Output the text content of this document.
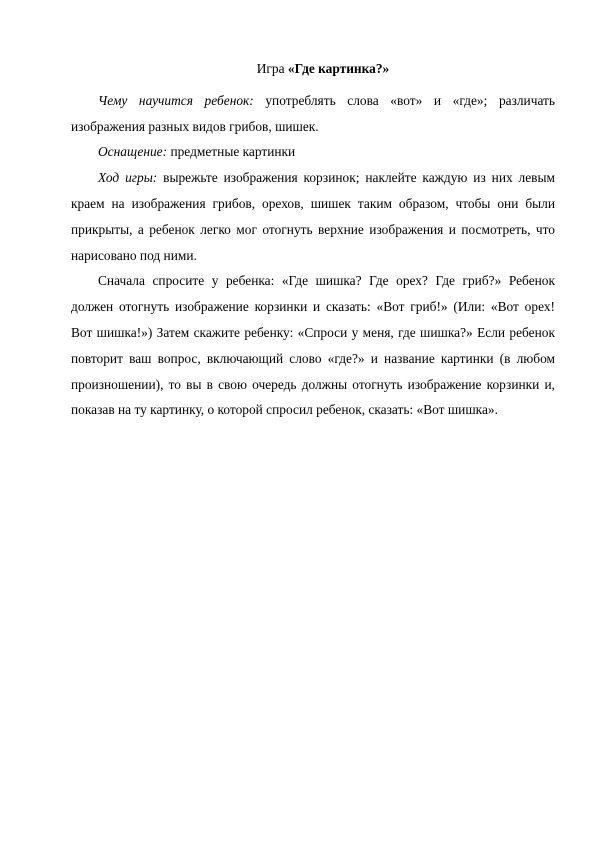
Игра «Где картинка?»

Чему научится ребенок: употреблять слова «вот» и «где»; различать изображения разных видов грибов, шишек.

Оснащение: предметные картинки

Ход игры: вырежьте изображения корзинок; наклейте каждую из них левым краем на изображения грибов, орехов, шишек таким образом, чтобы они были прикрыты, а ребенок легко мог отогнуть верхние изображения и посмотреть, что нарисовано под ними.

Сначала спросите у ребенка: «Где шишка? Где орех? Где гриб?» Ребенок должен отогнуть изображение корзинки и сказать: «Вот гриб!» (Или: «Вот орех! Вот шишка!») Затем скажите ребенку: «Спроси у меня, где шишка?» Если ребенок повторит ваш вопрос, включающий слово «где?» и название картинки (в любом произношении), то вы в свою очередь должны отогнуть изображение корзинки и, показав на ту картинку, о которой спросил ребенок, сказать: «Вот шишка».
